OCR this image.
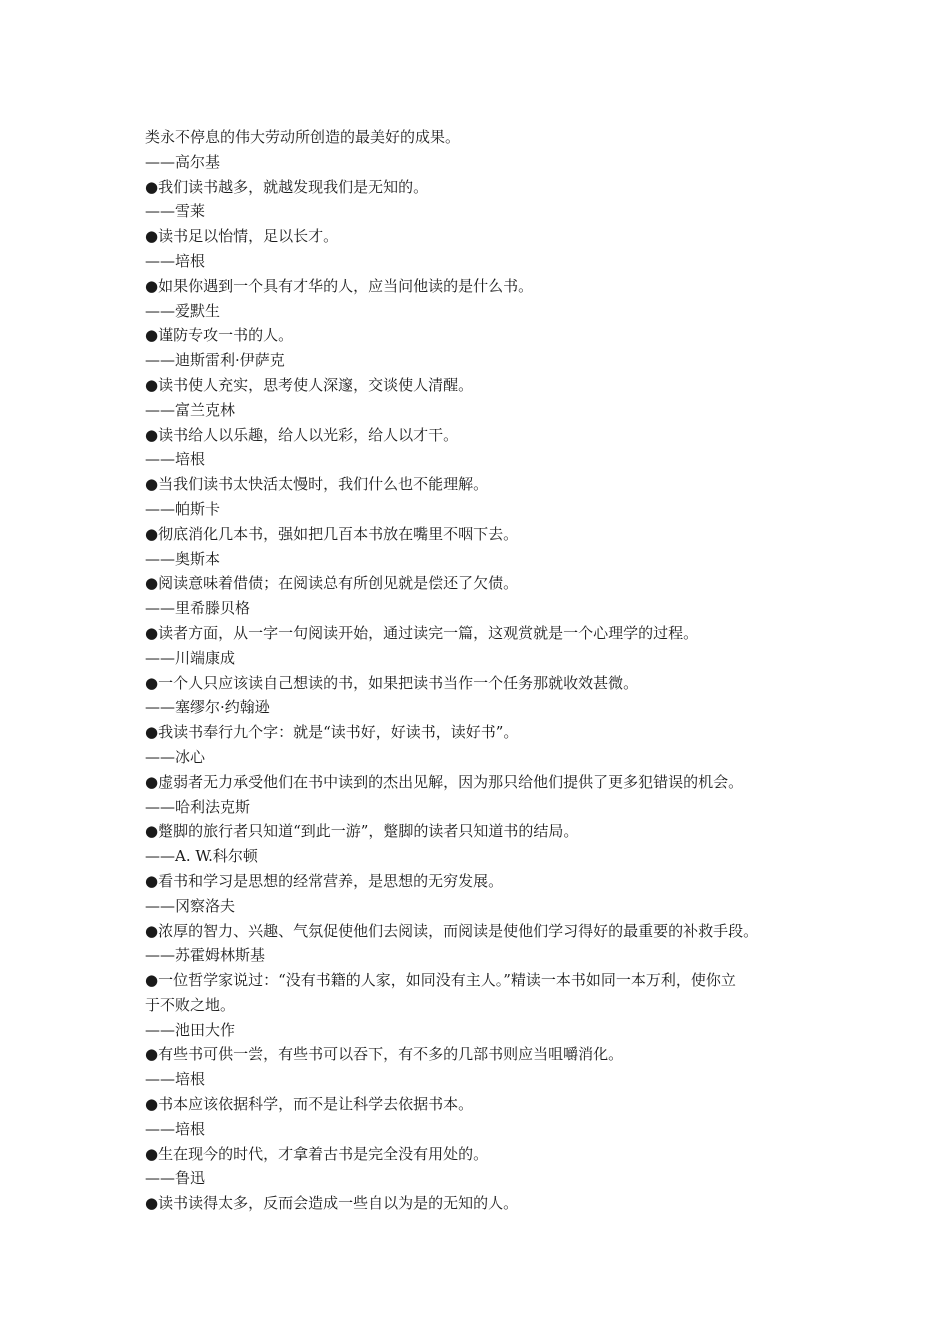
类永不停息的伟大劳动所创造的最美好的成果。
——高尔基
●我们读书越多，就越发现我们是无知的。
——雪莱
●读书足以怡情，足以长才。
——培根
●如果你遇到一个具有才华的人，应当问他读的是什么书。
——爱默生
●谨防专攻一书的人。
——迪斯雷利·伊萨克
●读书使人充实，思考使人深邃，交谈使人清醒。
——富兰克林
●读书给人以乐趣，给人以光彩，给人以才干。
——培根
●当我们读书太快活太慢时，我们什么也不能理解。
——帕斯卡
●彻底消化几本书，强如把几百本书放在嘴里不咽下去。
——奥斯本
●阅读意味着借债；在阅读总有所创见就是偿还了欠债。
——里希滕贝格
●读者方面，从一字一句阅读开始，通过读完一篇，这观赏就是一个心理学的过程。
——川端康成
●一个人只应该读自己想读的书，如果把读书当作一个任务那就收效甚微。
——塞缪尔·约翰逊
●我读书奉行九个字：就是“读书好，好读书，读好书”。
——冰心
●虚弱者无力承受他们在书中读到的杰出见解，因为那只给他们提供了更多犯错误的机会。
——哈利法克斯
●蹩脚的旅行者只知道“到此一游”，蹩脚的读者只知道书的结局。
——A. W.科尔顿
●看书和学习是思想的经常营养，是思想的无穷发展。
——冈察洛夫
●浓厚的智力、兴趣、气氛促使他们去阅读，而阅读是使他们学习得好的最重要的补救手段。
——苏霍姆林斯基
●一位哲学家说过：“没有书籍的人家，如同没有主人。”精读一本书如同一本万利，使你立
于不败之地。
——池田大作
●有些书可供一尝，有些书可以吞下，有不多的几部书则应当咀嚼消化。
——培根
●书本应该依据科学，而不是让科学去依据书本。
——培根
●生在现今的时代，才拿着古书是完全没有用处的。
——鲁迅
●读书读得太多，反而会造成一些自以为是的无知的人。
